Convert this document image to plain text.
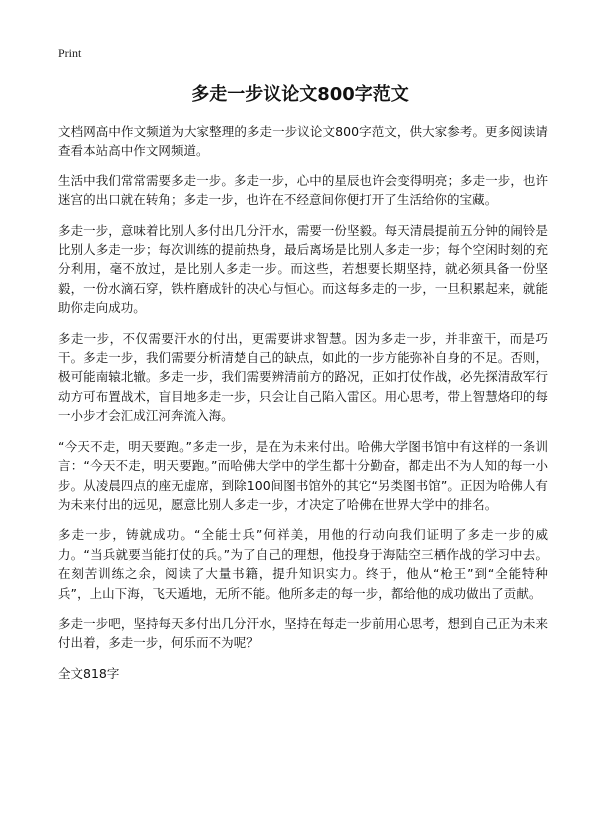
Print
多走一步议论文800字范文

文档网高中作文频道为大家整理的多走一步议论文800字范文，供大家参考。更多阅读请查看本站高中作文网频道。

生活中我们常常需要多走一步。多走一步，心中的星辰也许会变得明亮；多走一步，也许迷宫的出口就在转角；多走一步，也许在不经意间你便打开了生活给你的宝藏。

多走一步，意味着比别人多付出几分汗水，需要一份坚毅。每天清晨提前五分钟的闹铃是比别人多走一步；每次训练的提前热身，最后离场是比别人多走一步；每个空闲时刻的充分利用，毫不放过，是比别人多走一步。而这些，若想要长期坚持，就必须具备一份坚毅，一份水滴石穿，铁杵磨成针的决心与恒心。而这每多走的一步，一旦积累起来，就能助你走向成功。

多走一步，不仅需要汗水的付出，更需要讲求智慧。因为多走一步，并非蛮干，而是巧干。多走一步，我们需要分析清楚自己的缺点，如此的一步方能弥补自身的不足。否则，极可能南辕北辙。多走一步，我们需要辨清前方的路况，正如打仗作战，必先探清敌军行动方可布置战术，盲目地多走一步，只会让自己陷入雷区。用心思考，带上智慧烙印的每一小步才会汇成江河奔流入海。

“今天不走，明天要跑。”多走一步，是在为未来付出。哈佛大学图书馆中有这样的一条训言：“今天不走，明天要跑。”而哈佛大学中的学生都十分勤奋，都走出不为人知的每一小步。从凌晨四点的座无虚席，到除100间图书馆外的其它“另类图书馆”。正因为哈佛人有为未来付出的远见，愿意比别人多走一步，才决定了哈佛在世界大学中的排名。

多走一步，铸就成功。“全能士兵”何祥美，用他的行动向我们证明了多走一步的威力。“当兵就要当能打仗的兵。”为了自己的理想，他投身于海陆空三栖作战的学习中去。在刻苦训练之余，阅读了大量书籍，提升知识实力。终于，他从“枪王”到“全能特种兵”，上山下海，飞天遁地，无所不能。他所多走的每一步，都给他的成功做出了贡献。

多走一步吧，坚持每天多付出几分汗水，坚持在每走一步前用心思考，想到自己正为未来付出着，多走一步，何乐而不为呢？

全文818字
